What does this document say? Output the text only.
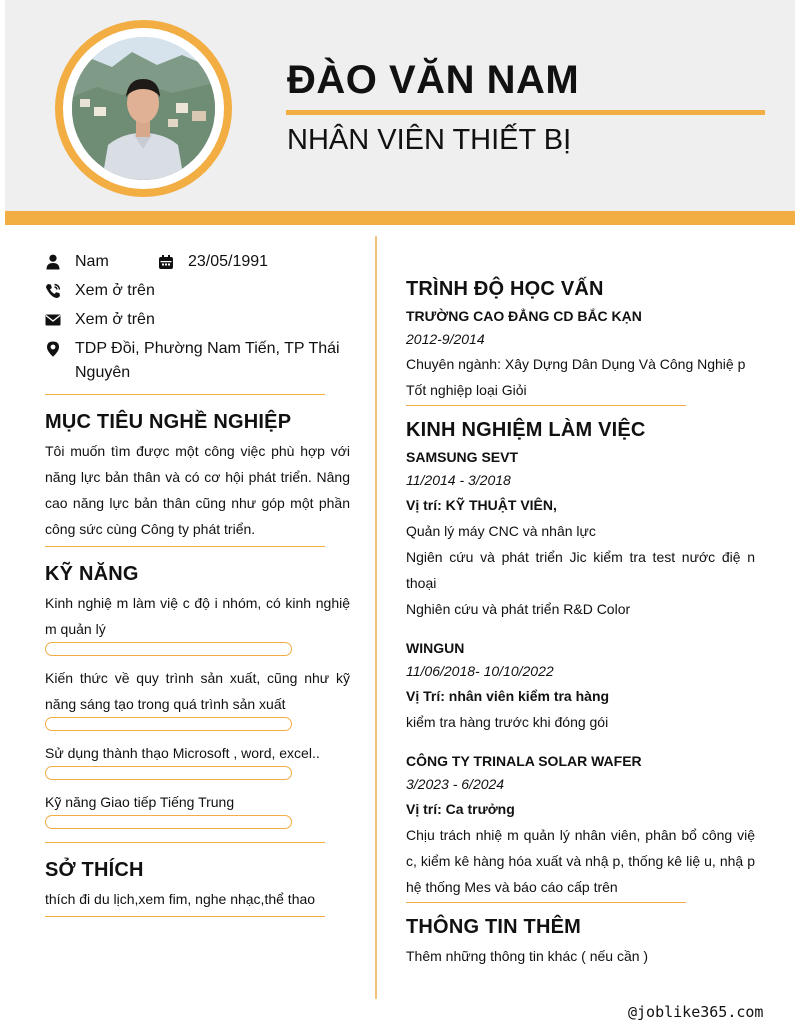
ĐÀO VĂN NAM
NHÂN VIÊN THIẾT BỊ
Nam	23/05/1991
Xem ở trên
Xem ở trên
TDP Đồi, Phường Nam Tiến, TP Thái Nguyên
MỤC TIÊU NGHỀ NGHIỆP
Tôi muốn tìm được một công việc phù hợp với năng lực bản thân và có cơ hội phát triển. Nâng cao năng lực bản thân cũng như góp một phần công sức cùng Công ty phát triển.
KỸ NĂNG
Kinh nghiệ m làm việ c độ i nhóm, có kinh nghiệ m quản lý
Kiến thức về quy trình sản xuất, cũng như kỹ năng sáng tạo trong quá trình sản xuất
Sử dụng thành thạo Microsoft , word, excel..
Kỹ năng Giao tiếp Tiếng Trung
SỞ THÍCH
thích đi du lịch,xem fim, nghe nhạc,thể thao
TRÌNH ĐỘ HỌC VẤN
TRƯỜNG CAO ĐẲNG CD BẮC KẠN
2012-9/2014
Chuyên ngành: Xây Dựng Dân Dụng Và Công Nghiệ p
Tốt nghiệp loại Giỏi
KINH NGHIỆM LÀM VIỆC
SAMSUNG SEVT
11/2014 - 3/2018
Vị trí: KỸ THUẬT VIÊN,
Quản lý máy CNC và nhân lực
Ngiên cứu và phát triển Jic kiểm tra test nước điệ n thoại
Nghiên cứu và phát triển R&D Color
WINGUN
11/06/2018- 10/10/2022
Vị Trí: nhân viên kiểm tra hàng
kiểm tra hàng trước khi đóng gói
CÔNG TY TRINALA SOLAR WAFER
3/2023 - 6/2024
Vị trí: Ca trưởng
Chịu trách nhiệ m quản lý nhân viên, phân bổ công việ c, kiểm kê hàng hóa xuất và nhậ p, thống kê liệ u, nhậ p hệ thống Mes và báo cáo cấp trên
THÔNG TIN THÊM
Thêm những thông tin khác ( nếu cần )
@joblike365.com
